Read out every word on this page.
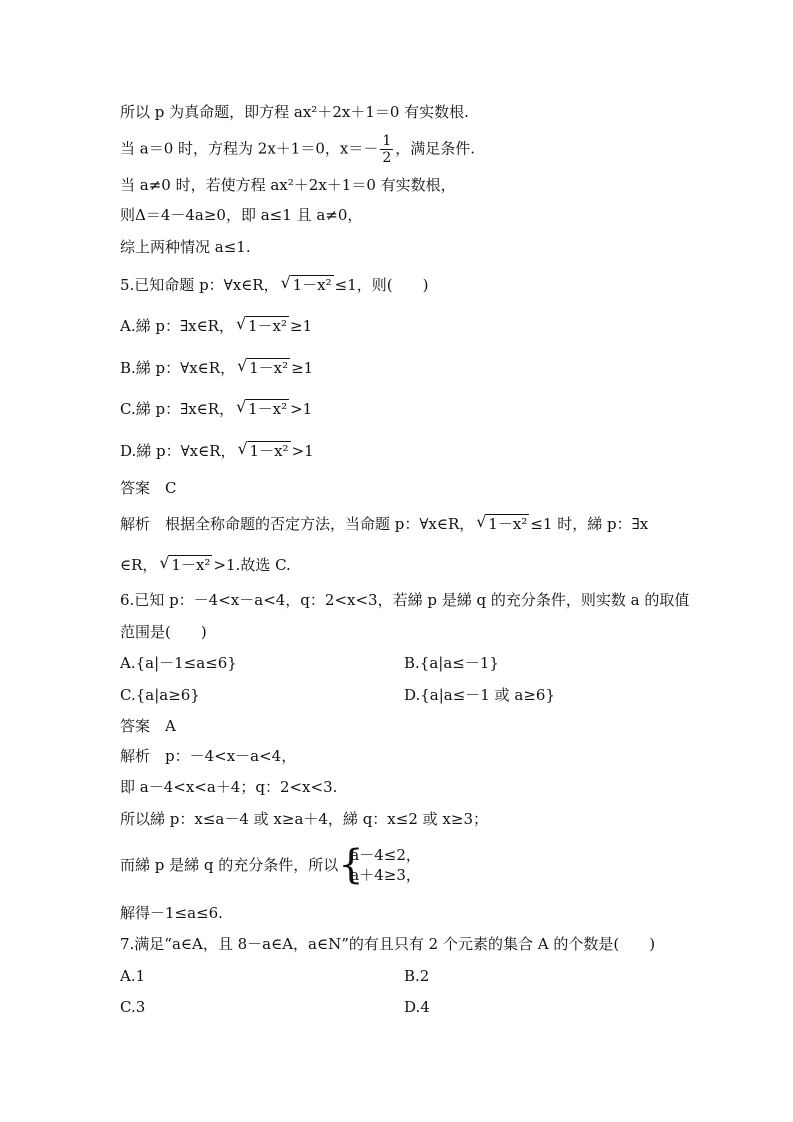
所以 p 为真命题，即方程 ax²＋2x＋1＝0 有实数根.
当 a＝0 时，方程为 2x＋1＝0，$x=- \frac{1}{2}$ ，满足条件.
当 a≠0 时，若使方程 ax²＋2x＋1＝0 有实数根，
则Δ＝4－4a≥0，即 a≤1 且 a≠0，
综上两种情况 a≤1.
5.已知命题 p：∀x∈R， √ 1－x² ≤1，则(　　)
A.綈 p：∃x∈R， √ 1－x² ≥1
B.綈 p：∀x∈R， √ 1－x² ≥1
C.綈 p：∃x∈R， √ 1－x² >1
D.綈 p：∀x∈R， √ 1－x² >1
答案　C
解析　根据全称命题的否定方法，当命题 p：∀x∈R， √ 1－x² ≤1 时，綈 p：∃x
∈R， √ 1－x² >1.故选 C.
6.已知 p：－4<x－a<4，q：2<x<3，若綈 p 是綈 q 的充分条件，则实数 a 的取值
范围是(　　)
A.{a|－1≤a≤6}	B.{a|a≤－1}
C.{a|a≥6}	D.{a|a≤－1 或 a≥6}
答案　A
解析　p：－4<x－a<4，
即 a－4<x<a＋4；q：2<x<3.
所以綈 p：x≤a－4 或 x≥a＋4，綈 q：x≤2 或 x≥3；
而綈 p 是綈 q 的充分条件，所以 {
a－4≤2，
a＋4≥3，
解得－1≤a≤6.
7.满足“a∈A，且 8－a∈A，a∈N”的有且只有 2 个元素的集合 A 的个数是(　　)
A.1	B.2
C.3	D.4
